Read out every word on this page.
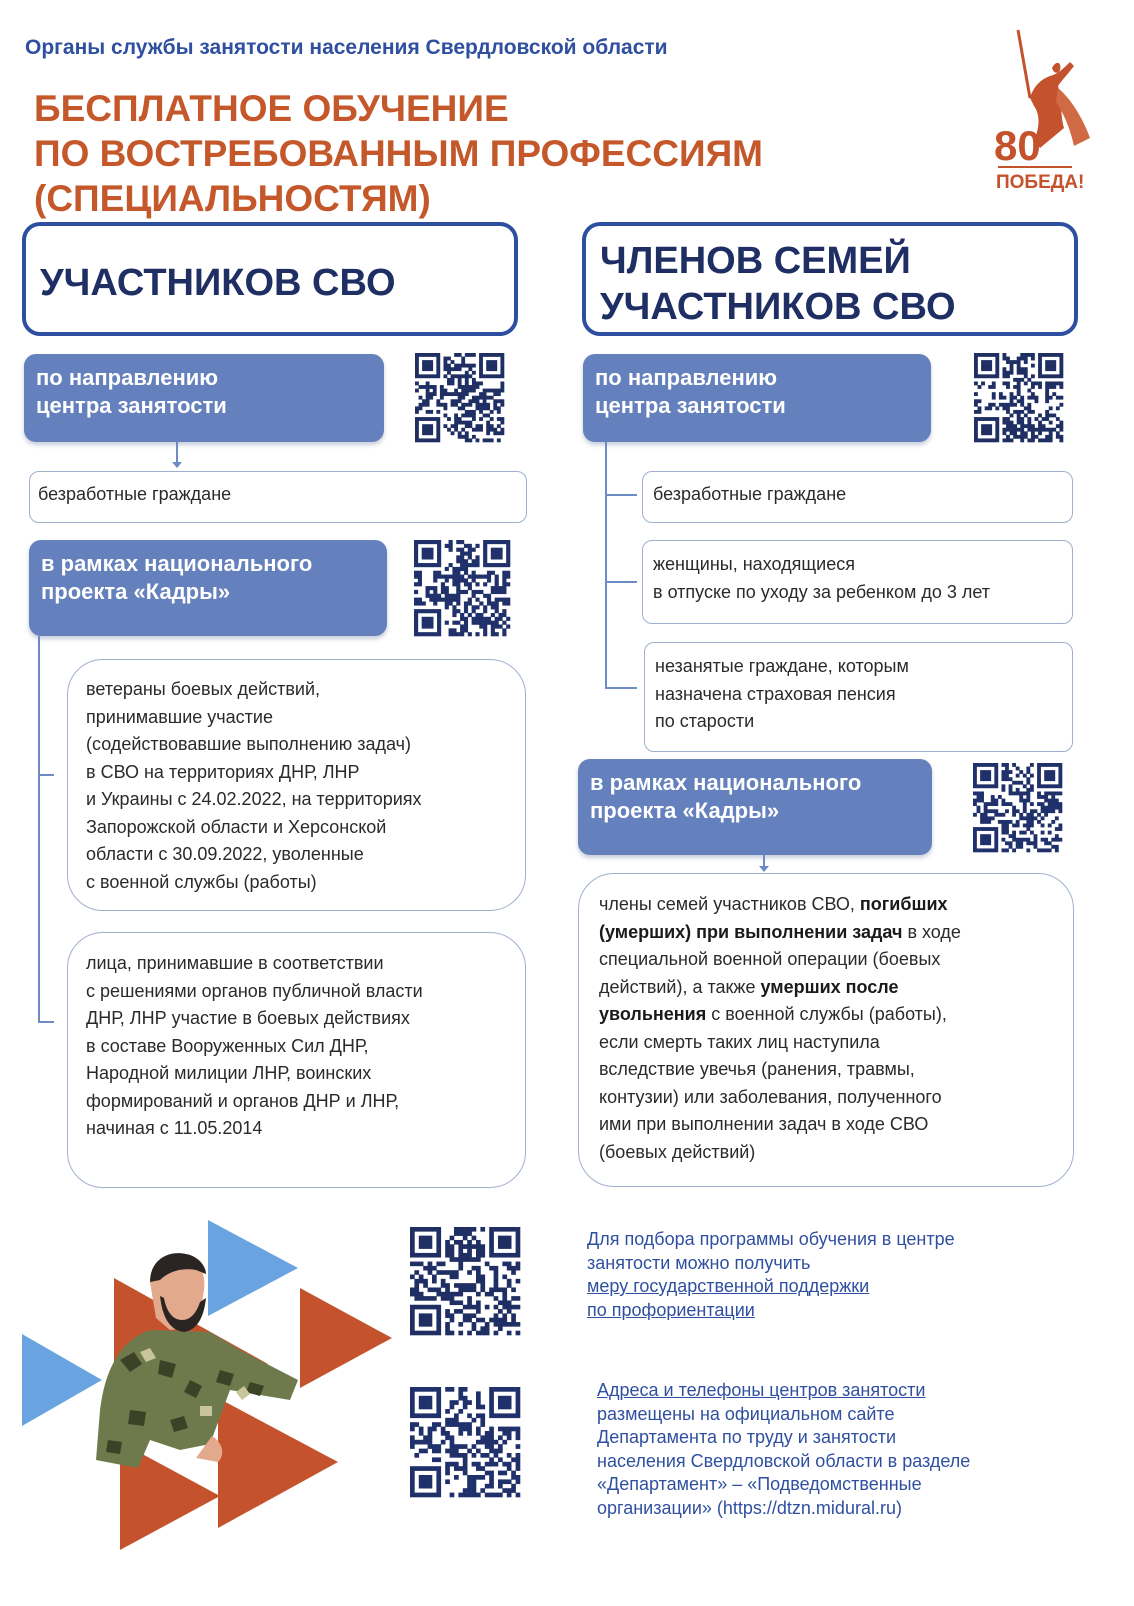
Органы службы занятости населения Свердловской области
БЕСПЛАТНОЕ ОБУЧЕНИЕ
ПО ВОСТРЕБОВАННЫМ ПРОФЕССИЯМ
(СПЕЦИАЛЬНОСТЯМ)
80
ПОБЕДА!
УЧАСТНИКОВ СВО
по направлению
центра занятости
безработные граждане
в рамках национального
проекта «Кадры»
ветераны боевых действий,
принимавшие участие
(содействовавшие выполнению задач)
в СВО на территориях ДНР, ЛНР
и Украины с 24.02.2022, на территориях
Запорожской области и Херсонской
области с 30.09.2022, уволенные
с военной службы (работы)
лица, принимавшие в соответствии
с решениями органов публичной власти
ДНР, ЛНР участие в боевых действиях
в составе Вооруженных Сил ДНР,
Народной милиции ЛНР, воинских
формирований и органов ДНР и ЛНР,
начиная с 11.05.2014
ЧЛЕНОВ СЕМЕЙ
УЧАСТНИКОВ СВО
по направлению
центра занятости
безработные граждане
женщины, находящиеся
в отпуске по уходу за ребенком до 3 лет
незанятые граждане, которым
назначена страховая пенсия
по старости
в рамках национального
проекта «Кадры»
члены семей участников СВО, погибших
(умерших) при выполнении задач в ходе
специальной военной операции (боевых
действий), а также умерших после
увольнения с военной службы (работы),
если смерть таких лиц наступила
вследствие увечья (ранения, травмы,
контузии) или заболевания, полученного
ими при выполнении задач в ходе СВО
(боевых действий)
Для подбора программы обучения в центре
занятости можно получить
меру государственной поддержки
по профориентации
Адреса и телефоны центров занятости
размещены на официальном сайте
Департамента по труду и занятости
населения Свердловской области в разделе
«Департамент» – «Подведомственные
организации» (https://dtzn.midural.ru)
